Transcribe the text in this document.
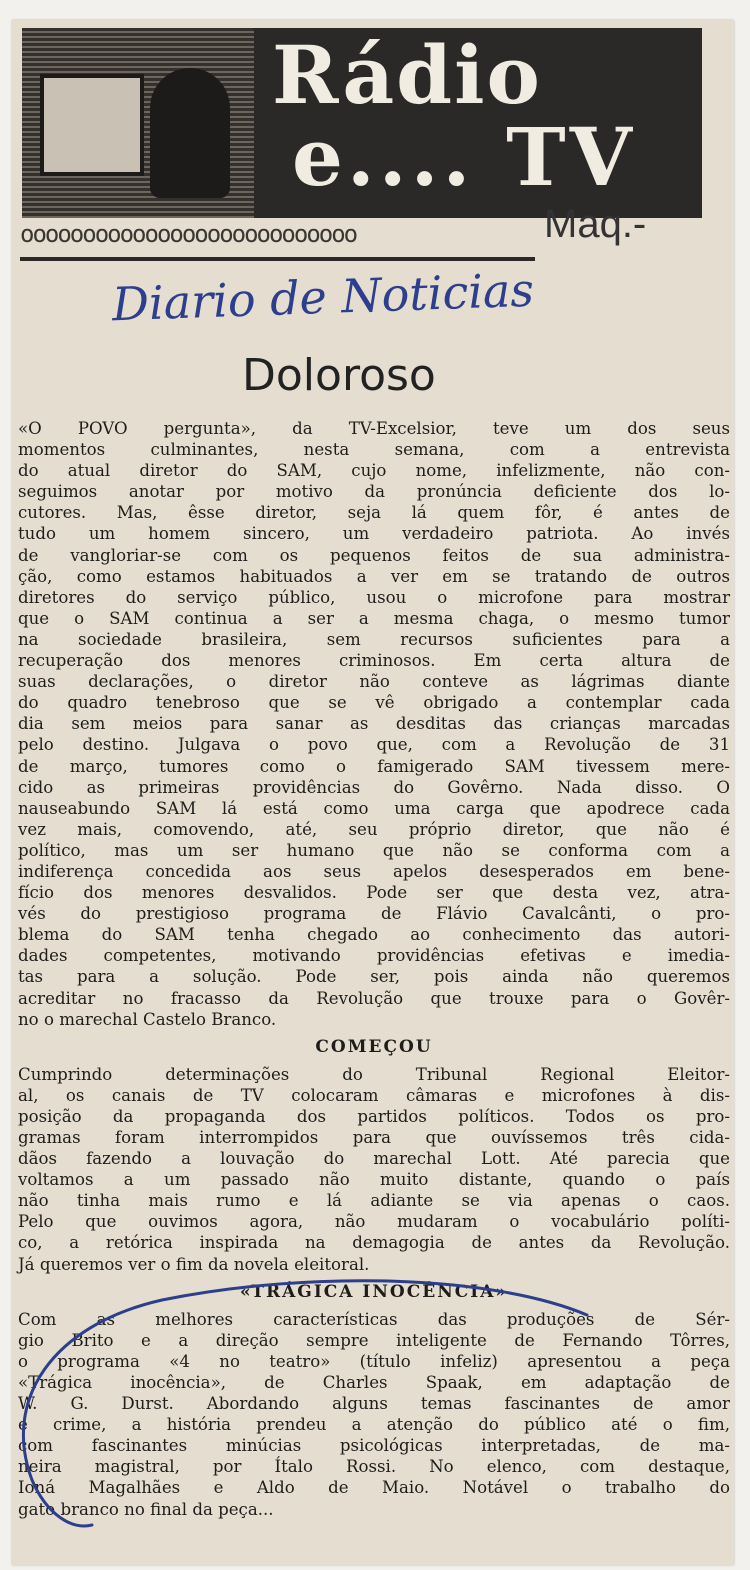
Rádio
e.... TV
ooooooooooooooooooooooooooo	Maq.-
Diario de Noticias
Doloroso

«O POVO pergunta», da TV-Excelsior, teve um dos seus
momentos culminantes, nesta semana, com a entrevista
do atual diretor do SAM, cujo nome, infelizmente, não con-
seguimos anotar por motivo da pronúncia deficiente dos lo-
cutores. Mas, êsse diretor, seja lá quem fôr, é antes de
tudo um homem sincero, um verdadeiro patriota. Ao invés
de vangloriar-se com os pequenos feitos de sua administra-
ção, como estamos habituados a ver em se tratando de outros
diretores do serviço público, usou o microfone para mostrar
que o SAM continua a ser a mesma chaga, o mesmo tumor
na sociedade brasileira, sem recursos suficientes para a
recuperação dos menores criminosos. Em certa altura de
suas declarações, o diretor não conteve as lágrimas diante
do quadro tenebroso que se vê obrigado a contemplar cada
dia sem meios para sanar as desditas das crianças marcadas
pelo destino. Julgava o povo que, com a Revolução de 31
de março, tumores como o famigerado SAM tivessem mere-
cido as primeiras providências do Govêrno. Nada disso. O
nauseabundo SAM lá está como uma carga que apodrece cada
vez mais, comovendo, até, seu próprio diretor, que não é
político, mas um ser humano que não se conforma com a
indiferença concedida aos seus apelos desesperados em bene-
fício dos menores desvalidos. Pode ser que desta vez, atra-
vés do prestigioso programa de Flávio Cavalcânti, o pro-
blema do SAM tenha chegado ao conhecimento das autori-
dades competentes, motivando providências efetivas e imedia-
tas para a solução. Pode ser, pois ainda não queremos
acreditar no fracasso da Revolução que trouxe para o Govêr-
no o marechal Castelo Branco.

COMEÇOU

Cumprindo determinações do Tribunal Regional Eleitor-
al, os canais de TV colocaram câmaras e microfones à dis-
posição da propaganda dos partidos políticos. Todos os pro-
gramas foram interrompidos para que ouvíssemos três cida-
dãos fazendo a louvação do marechal Lott. Até parecia que
voltamos a um passado não muito distante, quando o país
não tinha mais rumo e lá adiante se via apenas o caos.
Pelo que ouvimos agora, não mudaram o vocabulário políti-
co, a retórica inspirada na demagogia de antes da Revolução.
Já queremos ver o fim da novela eleitoral.

«TRÁGICA INOCÊNCIA»

Com as melhores características das produções de Sér-
gio Brito e a direção sempre inteligente de Fernando Tôrres,
o programa «4 no teatro» (título infeliz) apresentou a peça
«Trágica inocência», de Charles Spaak, em adaptação de
W. G. Durst. Abordando alguns temas fascinantes de amor
e crime, a história prendeu a atenção do público até o fim,
com fascinantes minúcias psicológicas interpretadas, de ma-
neira magistral, por Ítalo Rossi. No elenco, com destaque,
Ioná Magalhães e Aldo de Maio. Notável o trabalho do
gato branco no final da peça...
